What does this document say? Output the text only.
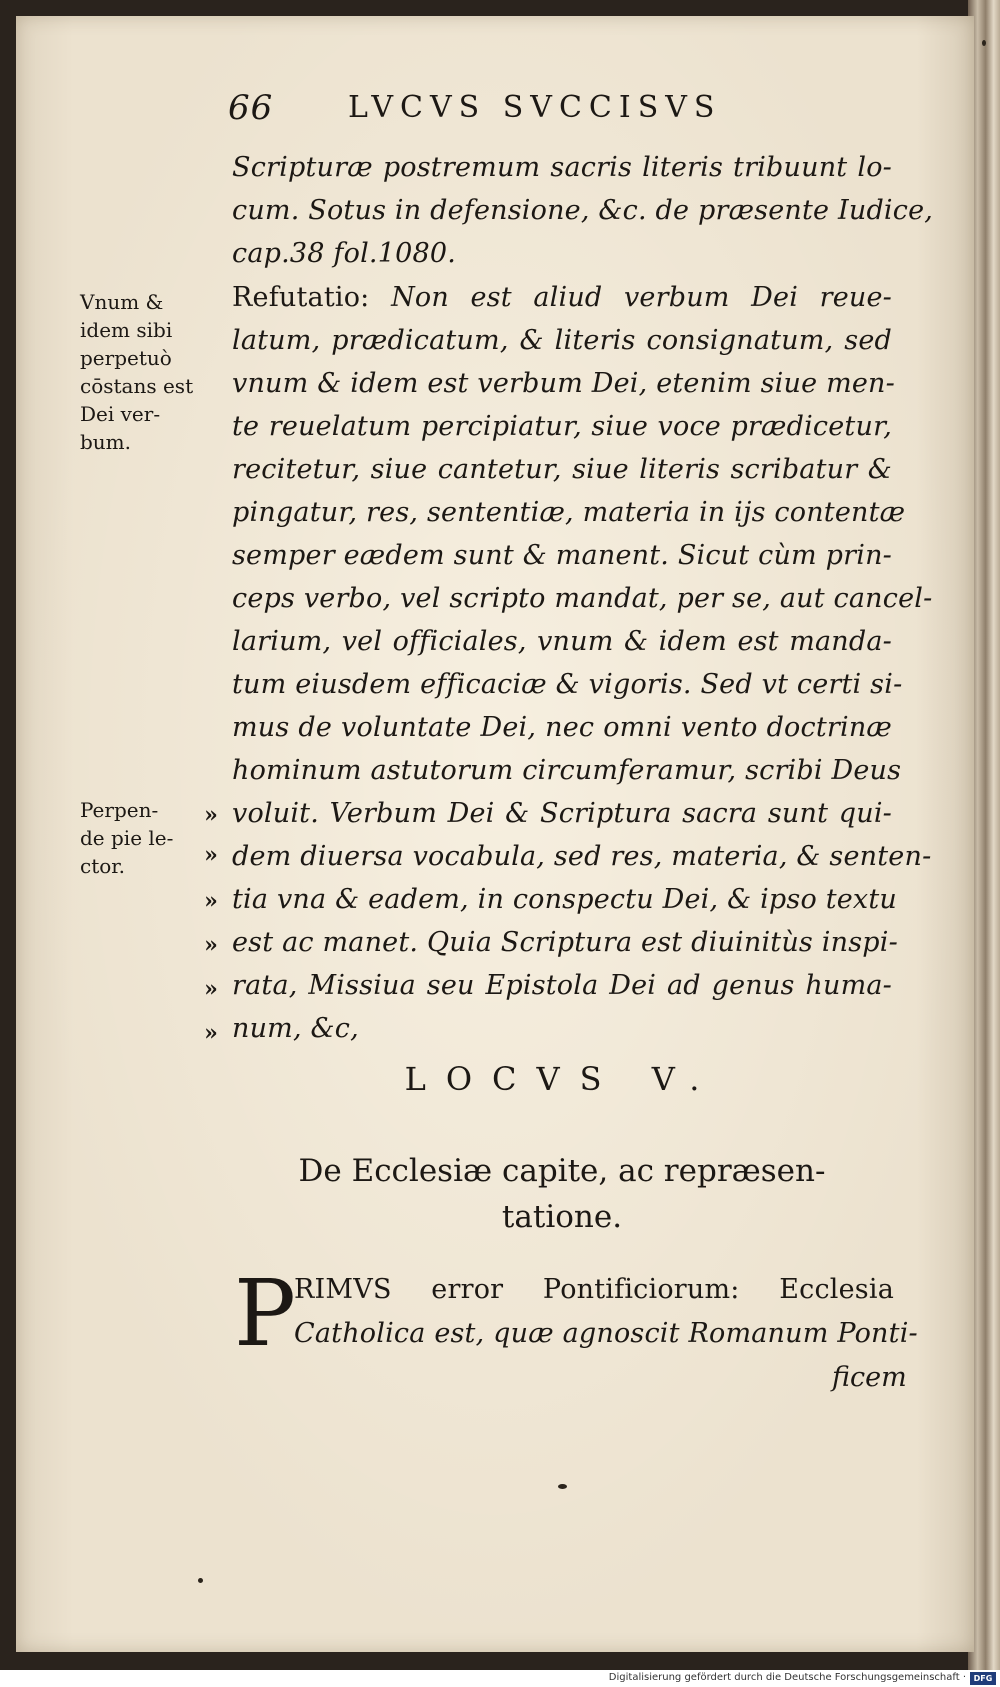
66 LVCVS SVCCISVS
Scripturæ postremum sacris literis tribuunt lo-
cum. Sotus in defensione, &c. de præsente Iudice,
cap.38 fol.1080.
Refutatio: Non est aliud verbum Dei reue-
latum, prædicatum, & literis consignatum, sed
vnum & idem est verbum Dei, etenim siue men-
te reuelatum percipiatur, siue voce prædicetur,
recitetur, siue cantetur, siue literis scribatur &
pingatur, res, sententiæ, materia in ijs contentæ
semper eædem sunt & manent. Sicut cùm prin-
ceps verbo, vel scripto mandat, per se, aut cancel-
larium, vel officiales, vnum & idem est manda-
tum eiusdem efficaciæ & vigoris. Sed vt certi si-
mus de voluntate Dei, nec omni vento doctrinæ
hominum astutorum circumferamur, scribi Deus
voluit. Verbum Dei & Scriptura sacra sunt qui-
dem diuersa vocabula, sed res, materia, & senten-
tia vna & eadem, in conspectu Dei, & ipso textu
est ac manet. Quia Scriptura est diuinitùs inspi-
rata, Missiua seu Epistola Dei ad genus huma-
num, &c,
Vnum &
idem sibi
perpetuò
cōstans est
Dei ver-
bum.
Perpen-
de pie le-
ctor.
»
»
»
»
»
»
LOCVS V.
De Ecclesiæ capite, ac repræsen-
tatione.
P
RIMVS error Pontificiorum: Ecclesia
Catholica est, quæ agnoscit Romanum Ponti-
ficem
Digitalisierung gefördert durch die Deutsche Forschungsgemeinschaft · DFG
